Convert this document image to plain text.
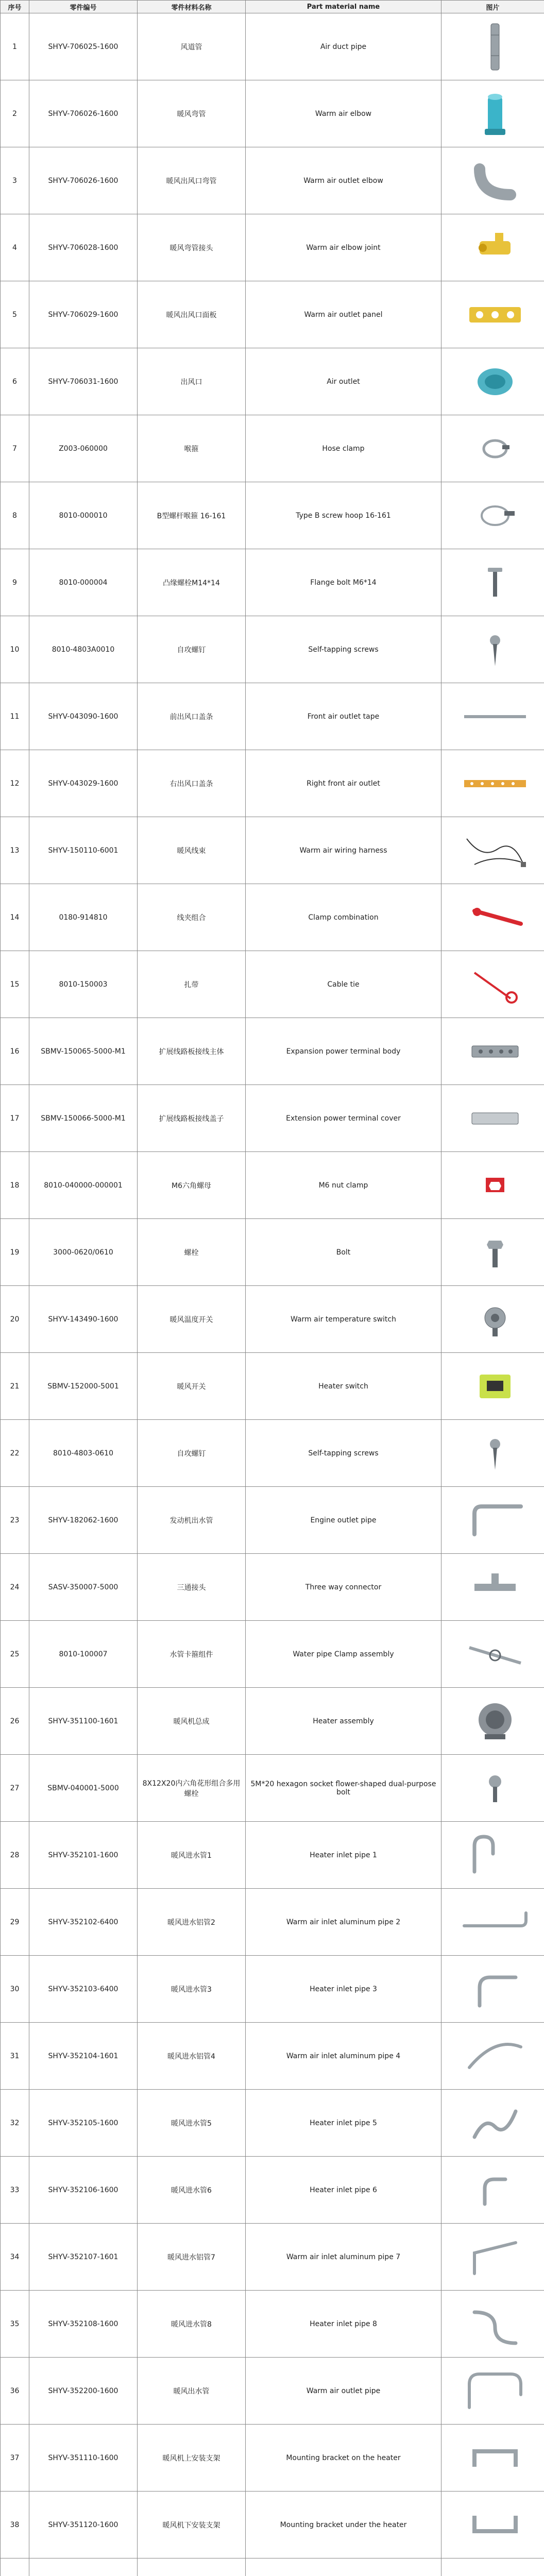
序号	零件编号	零件材料名称	Part material name	图片
1	SHYV-706025-1600	风道管	Air duct pipe	

2	SHYV-706026-1600	暖风弯管	Warm air elbow	

3	SHYV-706026-1600	暖风出风口弯管	Warm air outlet elbow	

4	SHYV-706028-1600	暖风弯管接头	Warm air elbow joint	

5	SHYV-706029-1600	暖风出风口面板	Warm air outlet panel	

6	SHYV-706031-1600	出风口	Air outlet	

7	Z003-060000	喉箍	Hose clamp	

8	8010-000010	B型螺杆喉箍 16-161	Type B screw hoop 16-161	

9	8010-000004	凸缘螺栓M14*14	Flange bolt M6*14	

10	8010-4803A0010	自攻螺钉	Self-tapping screws	

11	SHYV-043090-1600	前出风口盖条	Front air outlet tape	

12	SHYV-043029-1600	右出风口盖条	Right front air outlet	

13	SHYV-150110-6001	暖风线束	Warm air wiring harness	

14	0180-914810	线夹组合	Clamp combination	

15	8010-150003	扎带	Cable tie	

16	SBMV-150065-5000-M1	扩展线路板接线主体	Expansion power terminal body	

17	SBMV-150066-5000-M1	扩展线路板接线盖子	Extension power terminal cover	

18	8010-040000-000001	M6六角螺母	M6 nut clamp	

19	3000-0620/0610	螺栓	Bolt	

20	SHYV-143490-1600	暖风温度开关	Warm air temperature switch	

21	SBMV-152000-5001	暖风开关	Heater switch	

22	8010-4803-0610	自攻螺钉	Self-tapping screws	

23	SHYV-182062-1600	发动机出水管	Engine outlet pipe	

24	SASV-350007-5000	三通接头	Three way connector	

25	8010-100007	水管卡箍组件	Water pipe Clamp assembly	

26	SHYV-351100-1601	暖风机总成	Heater assembly	

27	SBMV-040001-5000	8X12X20内六角花形组合多用螺栓	5M*20 hexagon socket flower-shaped dual-purpose bolt	

28	SHYV-352101-1600	暖风进水管1	Heater inlet pipe 1	

29	SHYV-352102-6400	暖风进水铝管2	Warm air inlet aluminum pipe 2	

30	SHYV-352103-6400	暖风进水管3	Heater inlet pipe 3	

31	SHYV-352104-1601	暖风进水铝管4	Warm air inlet aluminum pipe 4	

32	SHYV-352105-1600	暖风进水管5	Heater inlet pipe 5	

33	SHYV-352106-1600	暖风进水管6	Heater inlet pipe 6	

34	SHYV-352107-1601	暖风进水铝管7	Warm air inlet aluminum pipe 7	

35	SHYV-352108-1600	暖风进水管8	Heater inlet pipe 8	

36	SHYV-352200-1600	暖风出水管	Warm air outlet pipe	

37	SHYV-351110-1600	暖风机上安装支架	Mounting bracket on the heater	

38	SHYV-351120-1600	暖风机下安装支架	Mounting bracket under the heater	
